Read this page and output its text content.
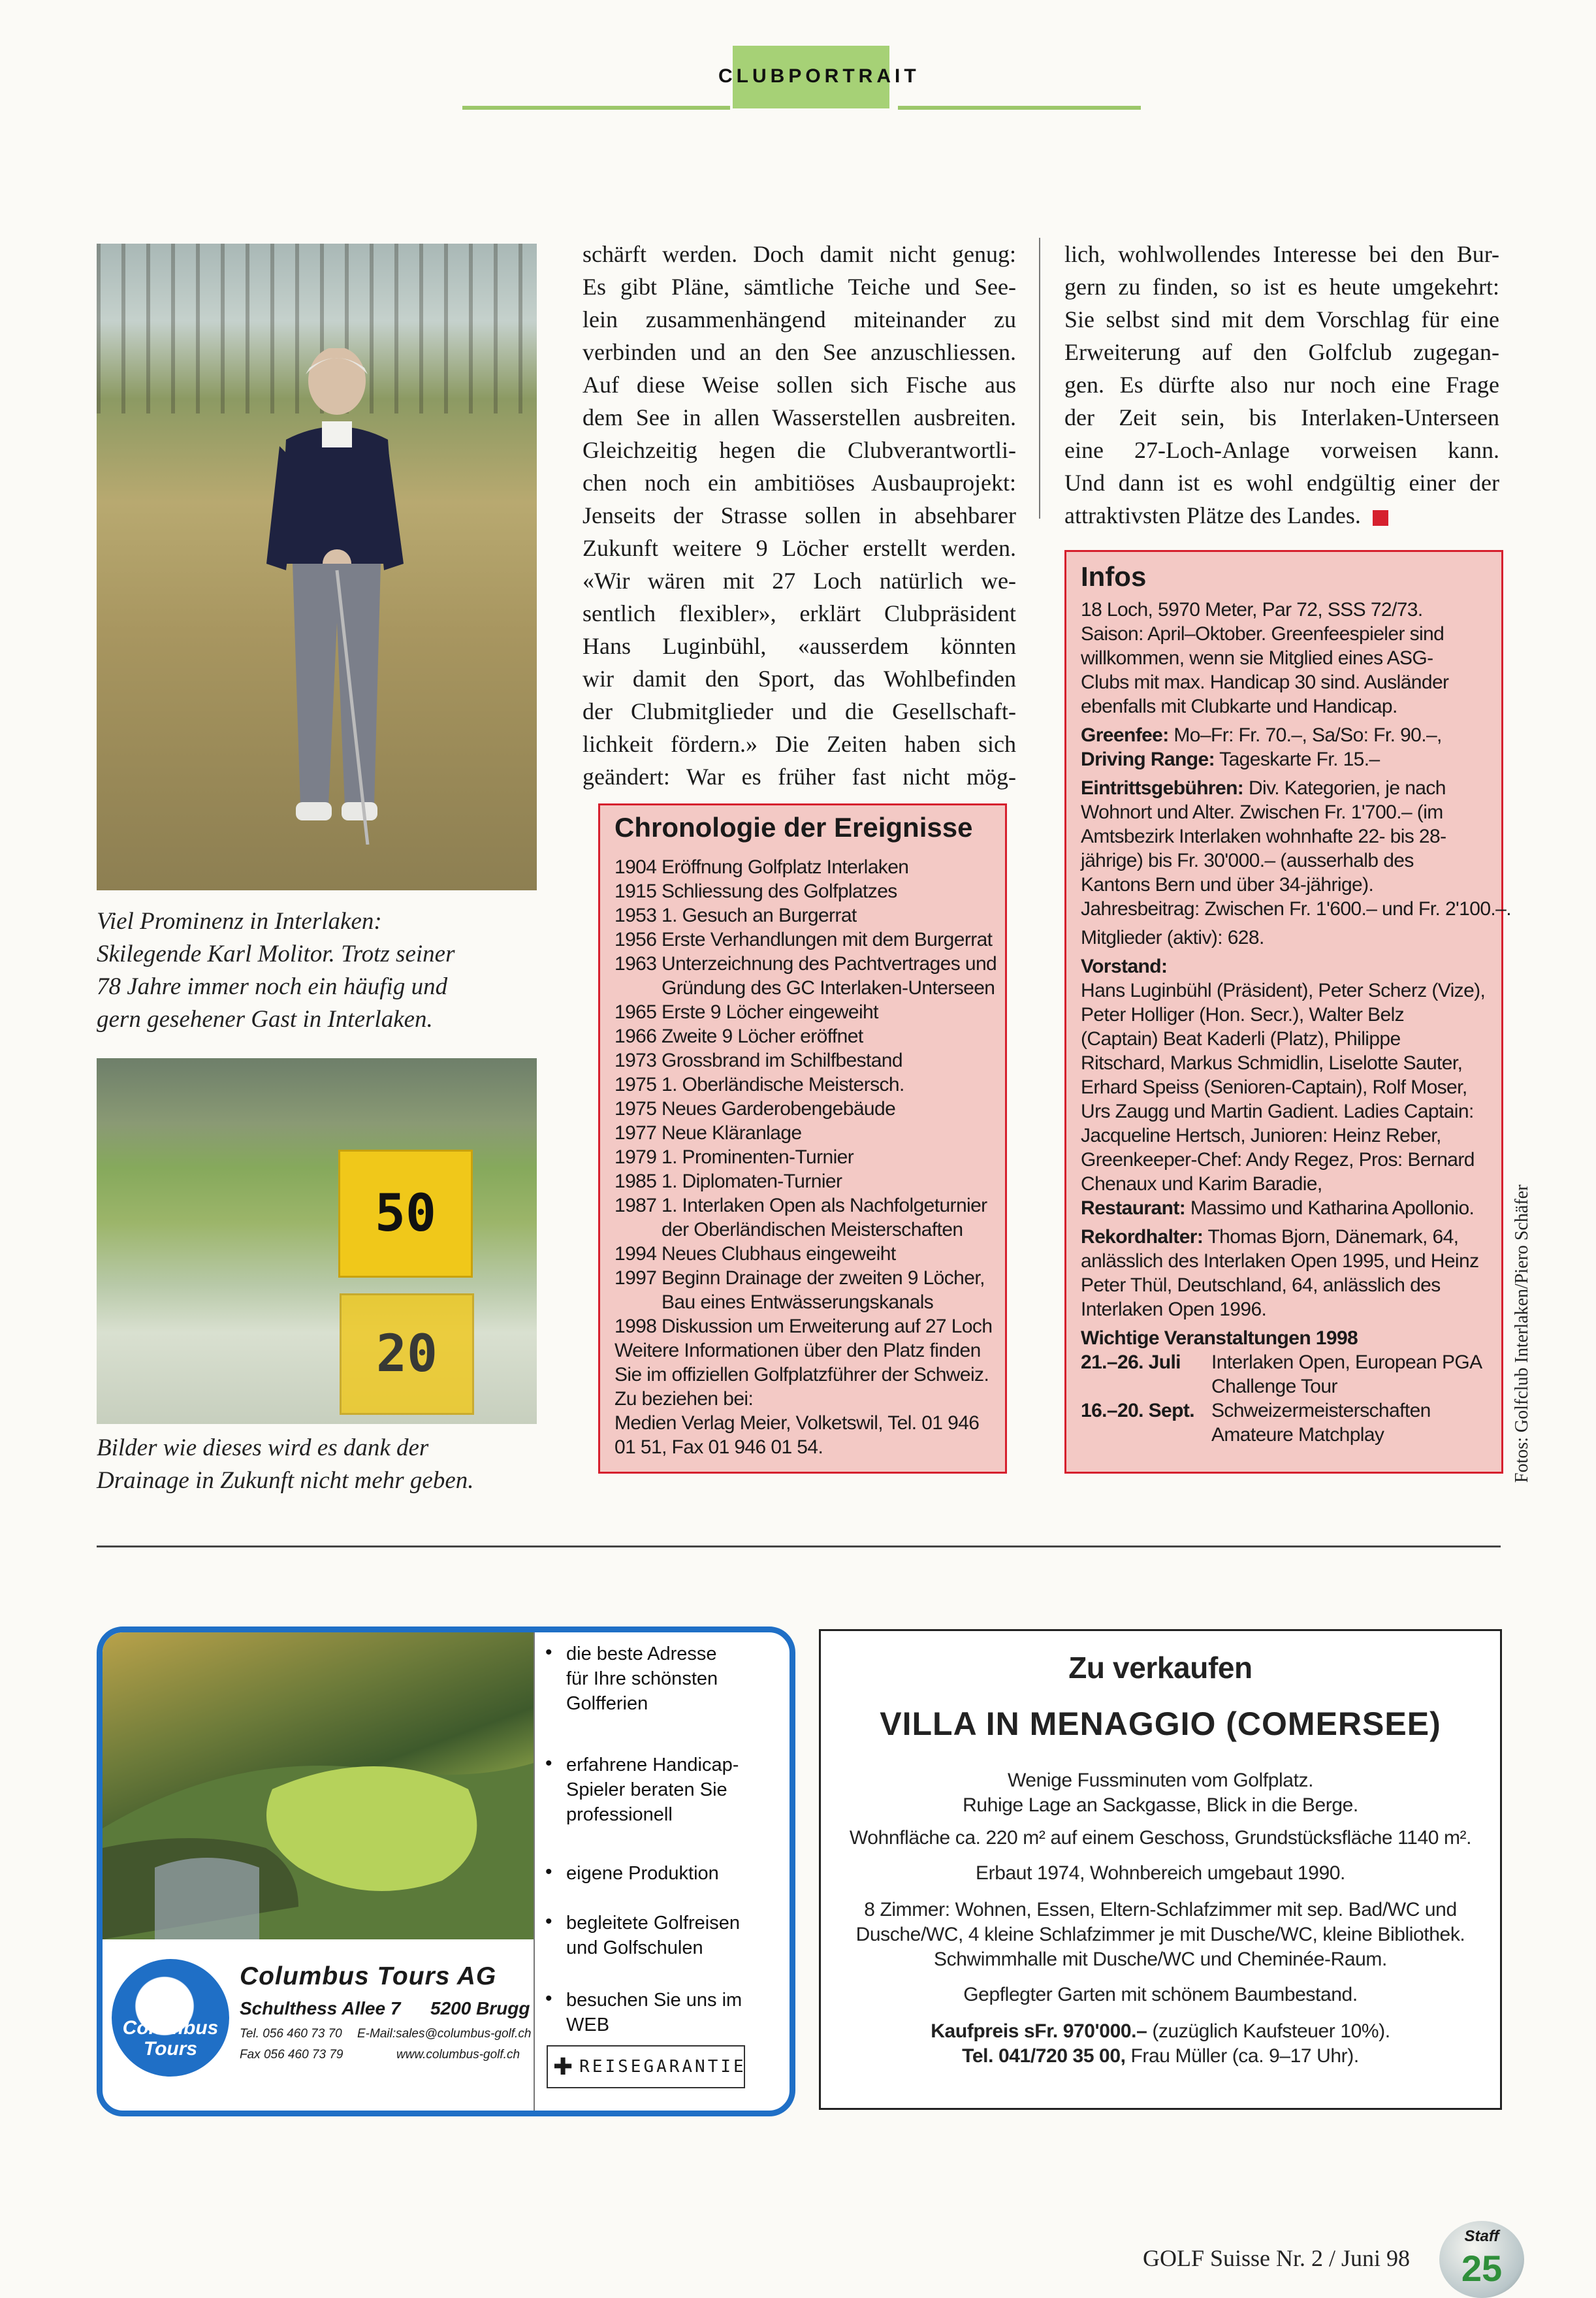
CLUBPORTRAIT
Viel Prominenz in Interlaken:
Skilegende Karl Molitor. Trotz seiner
78 Jahre immer noch ein häufig und
gern gesehener Gast in Interlaken.
50
20
Bilder wie dieses wird es dank der
Drainage in Zukunft nicht mehr geben.
schärft werden. Doch damit nicht genug:
Es gibt Pläne, sämtliche Teiche und See-
lein zusammenhängend miteinander zu
verbinden und an den See anzuschliessen.
Auf diese Weise sollen sich Fische aus
dem See in allen Wasserstellen ausbreiten.
Gleichzeitig hegen die Clubverantwortli-
chen noch ein ambitiöses Ausbauprojekt:
Jenseits der Strasse sollen in absehbarer
Zukunft weitere 9 Löcher erstellt werden.
«Wir wären mit 27 Loch natürlich we-
sentlich flexibler», erklärt Clubpräsident
Hans Luginbühl, «ausserdem könnten
wir damit den Sport, das Wohlbefinden
der Clubmitglieder und die Gesellschaft-
lichkeit fördern.» Die Zeiten haben sich
geändert: War es früher fast nicht mög-
lich, wohlwollendes Interesse bei den Bur-
gern zu finden, so ist es heute umgekehrt:
Sie selbst sind mit dem Vorschlag für eine
Erweiterung auf den Golfclub zugegan-
gen. Es dürfte also nur noch eine Frage
der Zeit sein, bis Interlaken-Unterseen
eine 27-Loch-Anlage vorweisen kann.
Und dann ist es wohl endgültig einer der
attraktivsten Plätze des Landes.
Chronologie der Ereignisse
1904 Eröffnung Golfplatz Interlaken
1915 Schliessung des Golfplatzes
1953 1. Gesuch an Burgerrat
1956 Erste Verhandlungen mit dem Burgerrat
1963 Unterzeichnung des Pachtvertrages und
Gründung des GC Interlaken-Unterseen
1965 Erste 9 Löcher eingeweiht
1966 Zweite 9 Löcher eröffnet
1973 Grossbrand im Schilfbestand
1975 1. Oberländische Meistersch.
1975 Neues Garderobengebäude
1977 Neue Kläranlage
1979 1. Prominenten-Turnier
1985 1. Diplomaten-Turnier
1987 1. Interlaken Open als Nachfolgeturnier
der Oberländischen Meisterschaften
1994 Neues Clubhaus eingeweiht
1997 Beginn Drainage der zweiten 9 Löcher,
Bau eines Entwässerungskanals
1998 Diskussion um Erweiterung auf 27 Loch
Weitere Informationen über den Platz finden
Sie im offiziellen Golfplatzführer der Schweiz.
Zu beziehen bei:
Medien Verlag Meier, Volketswil, Tel. 01 946
01 51, Fax 01 946 01 54.
Infos
18 Loch, 5970 Meter, Par 72, SSS 72/73.
Saison: April–Oktober. Greenfeespieler sind
willkommen, wenn sie Mitglied eines ASG-
Clubs mit max. Handicap 30 sind. Ausländer
ebenfalls mit Clubkarte und Handicap.
Greenfee: Mo–Fr: Fr. 70.–, Sa/So: Fr. 90.–,
Driving Range: Tageskarte Fr. 15.–
Eintrittsgebühren: Div. Kategorien, je nach
Wohnort und Alter. Zwischen Fr. 1'700.– (im
Amtsbezirk Interlaken wohnhafte 22- bis 28-
jährige) bis Fr. 30'000.– (ausserhalb des
Kantons Bern und über 34-jährige).
Jahresbeitrag: Zwischen Fr. 1'600.– und Fr. 2'100.–.
Mitglieder (aktiv): 628.
Vorstand:
Hans Luginbühl (Präsident), Peter Scherz (Vize),
Peter Holliger (Hon. Secr.), Walter Belz
(Captain) Beat Kaderli (Platz), Philippe
Ritschard, Markus Schmidlin, Liselotte Sauter,
Erhard Speiss (Senioren-Captain), Rolf Moser,
Urs Zaugg und Martin Gadient. Ladies Captain:
Jacqueline Hertsch, Junioren: Heinz Reber,
Greenkeeper-Chef: Andy Regez, Pros: Bernard
Chenaux und Karim Baradie,
Restaurant: Massimo und Katharina Apollonio.
Rekordhalter: Thomas Bjorn, Dänemark, 64,
anlässlich des Interlaken Open 1995, und Heinz
Peter Thül, Deutschland, 64, anlässlich des
Interlaken Open 1996.
Wichtige Veranstaltungen 1998
21.–26. Juli Interlaken Open, European PGA
Challenge Tour
16.–20. Sept. Schweizermeisterschaften
Amateure Matchplay	Fotos: Golfclub Interlaken/Piero Schäfer
• die beste Adresse
für Ihre schönsten
Golfferien
• erfahrene Handicap-
Spieler beraten Sie
professionell
• eigene Produktion
• begleitete Golfreisen
und Golfschulen
• besuchen Sie uns im
WEB
Columbus
Tours
Columbus Tours AG
Schulthess Allee 7 5200 Brugg
Tel. 056 460 73 70 E-Mail:sales@columbus-golf.ch
Fax 056 460 73 79	www.columbus-golf.ch ✚ REISEGARANTIE
Zu verkaufen
VILLA IN MENAGGIO (COMERSEE)
Wenige Fussminuten vom Golfplatz.
Ruhige Lage an Sackgasse, Blick in die Berge.
Wohnfläche ca. 220 m² auf einem Geschoss, Grundstücksfläche 1140 m².
Erbaut 1974, Wohnbereich umgebaut 1990.
8 Zimmer: Wohnen, Essen, Eltern-Schlafzimmer mit sep. Bad/WC und
Dusche/WC, 4 kleine Schlafzimmer je mit Dusche/WC, kleine Bibliothek.
Schwimmhalle mit Dusche/WC und Cheminée-Raum.
Gepflegter Garten mit schönem Baumbestand.
Kaufpreis sFr. 970'000.– (zuzüglich Kaufsteuer 10%).
Tel. 041/720 35 00, Frau Müller (ca. 9–17 Uhr).
GOLF Suisse Nr. 2 / Juni 98
Staff
25
